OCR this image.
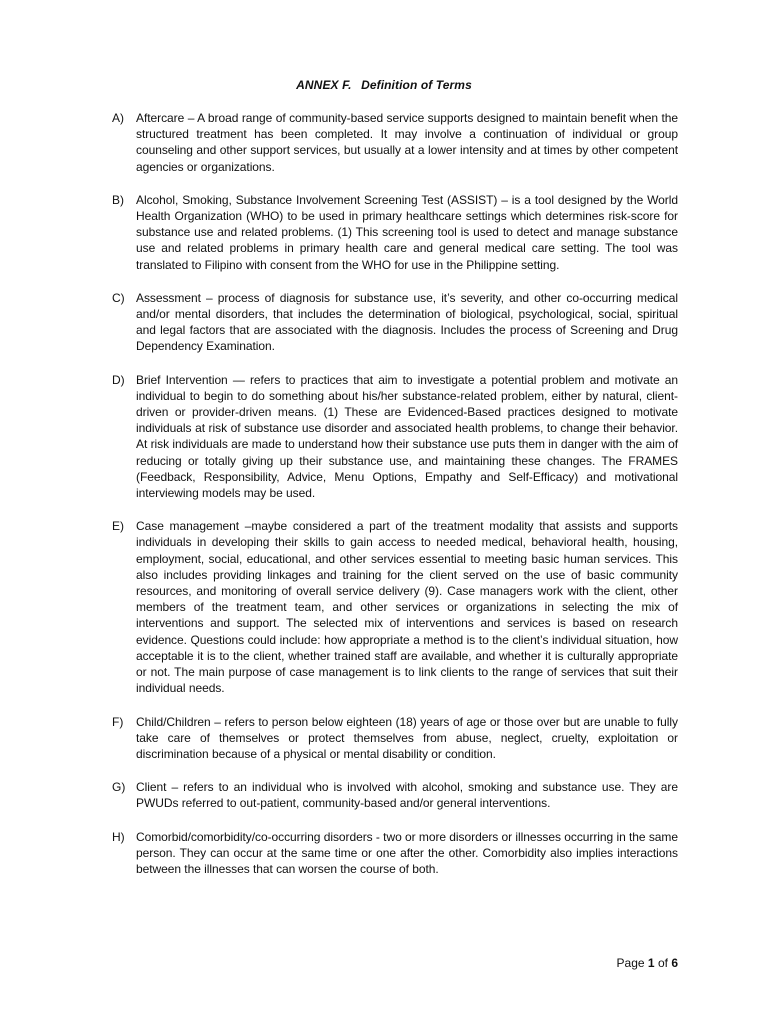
ANNEX F. Definition of Terms
A)	Aftercare – A broad range of community-based service supports designed to maintain benefit when the structured treatment has been completed. It may involve a continuation of individual or group counseling and other support services, but usually at a lower intensity and at times by other competent agencies or organizations.
B)	Alcohol, Smoking, Substance Involvement Screening Test (ASSIST) – is a tool designed by the World Health Organization (WHO) to be used in primary healthcare settings which determines risk-score for substance use and related problems. (1) This screening tool is used to detect and manage substance use and related problems in primary health care and general medical care setting. The tool was translated to Filipino with consent from the WHO for use in the Philippine setting.
C) Assessment – process of diagnosis for substance use, it’s severity, and other co-occurring medical and/or mental disorders, that includes the determination of biological, psychological, social, spiritual and legal factors that are associated with the diagnosis. Includes the process of Screening and Drug Dependency Examination.
D) Brief Intervention — refers to practices that aim to investigate a potential problem and motivate an individual to begin to do something about his/her substance-related problem, either by natural, client- driven or provider-driven means. (1) These are Evidenced-Based practices designed to motivate individuals at risk of substance use disorder and associated health problems, to change their behavior. At risk individuals are made to understand how their substance use puts them in danger with the aim of reducing or totally giving up their substance use, and maintaining these changes. The FRAMES (Feedback, Responsibility, Advice, Menu Options, Empathy and Self-Efficacy) and motivational interviewing models may be used.
E)	Case management –maybe considered a part of the treatment modality that assists and supports individuals in developing their skills to gain access to needed medical, behavioral health, housing, employment, social, educational, and other services essential to meeting basic human services. This also includes providing linkages and training for the client served on the use of basic community resources, and monitoring of overall service delivery (9). Case managers work with the client, other members of the treatment team, and other services or organizations in selecting the mix of interventions and support. The selected mix of interventions and services is based on research evidence. Questions could include: how appropriate a method is to the client’s individual situation, how acceptable it is to the client, whether trained staff are available, and whether it is culturally appropriate or not. The main purpose of case management is to link clients to the range of services that suit their individual needs.
F)	Child/Children – refers to person below eighteen (18) years of age or those over but are unable to fully take care of themselves or protect themselves from abuse, neglect, cruelty, exploitation or discrimination because of a physical or mental disability or condition.
G) Client – refers to an individual who is involved with alcohol, smoking and substance use. They are PWUDs referred to out-patient, community-based and/or general interventions.
H) Comorbid/comorbidity/co-occurring disorders - two or more disorders or illnesses occurring in the same person. They can occur at the same time or one after the other. Comorbidity also implies interactions between the illnesses that can worsen the course of both.
Page 1 of 6
